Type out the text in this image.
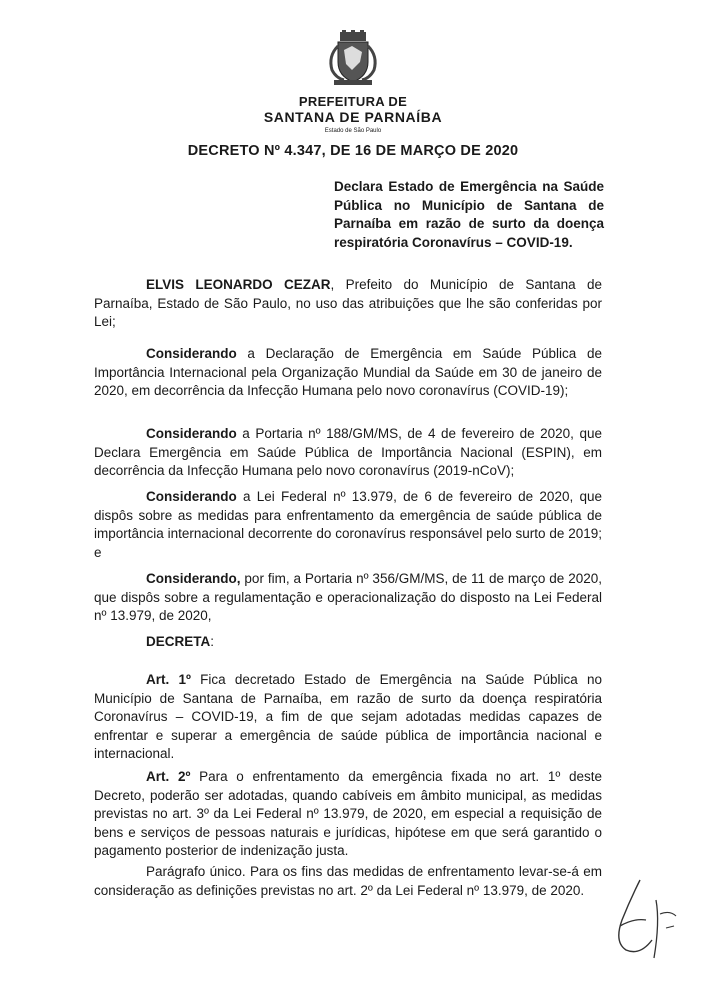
PREFEITURA DE
SANTANA DE PARNAÍBA
Estado de São Paulo
DECRETO Nº 4.347, DE 16 DE MARÇO DE 2020
Declara Estado de Emergência na Saúde Pública no Município de Santana de Parnaíba em razão de surto da doença respiratória Coronavírus – COVID-19.
ELVIS LEONARDO CEZAR, Prefeito do Município de Santana de Parnaíba, Estado de São Paulo, no uso das atribuições que lhe são conferidas por Lei;
Considerando a Declaração de Emergência em Saúde Pública de Importância Internacional pela Organização Mundial da Saúde em 30 de janeiro de 2020, em decorrência da Infecção Humana pelo novo coronavírus (COVID-19);
Considerando a Portaria nº 188/GM/MS, de 4 de fevereiro de 2020, que Declara Emergência em Saúde Pública de Importância Nacional (ESPIN), em decorrência da Infecção Humana pelo novo coronavírus (2019-nCoV);
Considerando a Lei Federal nº 13.979, de 6 de fevereiro de 2020, que dispôs sobre as medidas para enfrentamento da emergência de saúde pública de importância internacional decorrente do coronavírus responsável pelo surto de 2019; e
Considerando, por fim, a Portaria nº 356/GM/MS, de 11 de março de 2020, que dispôs sobre a regulamentação e operacionalização do disposto na Lei Federal nº 13.979, de 2020,
DECRETA:
Art. 1º Fica decretado Estado de Emergência na Saúde Pública no Município de Santana de Parnaíba, em razão de surto da doença respiratória Coronavírus – COVID-19, a fim de que sejam adotadas medidas capazes de enfrentar e superar a emergência de saúde pública de importância nacional e internacional.
Art. 2º Para o enfrentamento da emergência fixada no art. 1º deste Decreto, poderão ser adotadas, quando cabíveis em âmbito municipal, as medidas previstas no art. 3º da Lei Federal nº 13.979, de 2020, em especial a requisição de bens e serviços de pessoas naturais e jurídicas, hipótese em que será garantido o pagamento posterior de indenização justa.
Parágrafo único. Para os fins das medidas de enfrentamento levar-se-á em consideração as definições previstas no art. 2º da Lei Federal nº 13.979, de 2020.
